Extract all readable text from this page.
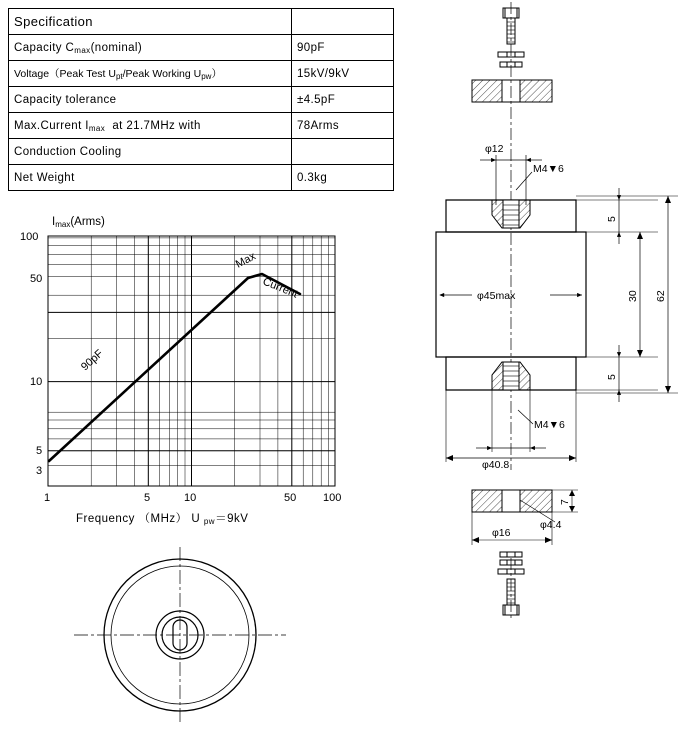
Specification	
Capacity $C_{max}(nominal)$	90pF
Voltage（Peak Test $U_{pt}$/Peak Working $U_{pw}$）	15kV/9kV
Capacity tolerance	±4.5pF
Max.Current $I_{max}$  at 21.7MHz with	78Arms
Conduction Cooling	
Net Weight	0.3kg
$I_{max}(Arms)$
Frequency （MHz） U $_{pw}$＝9kV
100
50
10
5
3
1	5	10	50 100
90pF
Max
Current
φ12
M4▼6
M4▼6
φ45max
5
30
5
62
φ40.8
7
φ4.4
φ16
